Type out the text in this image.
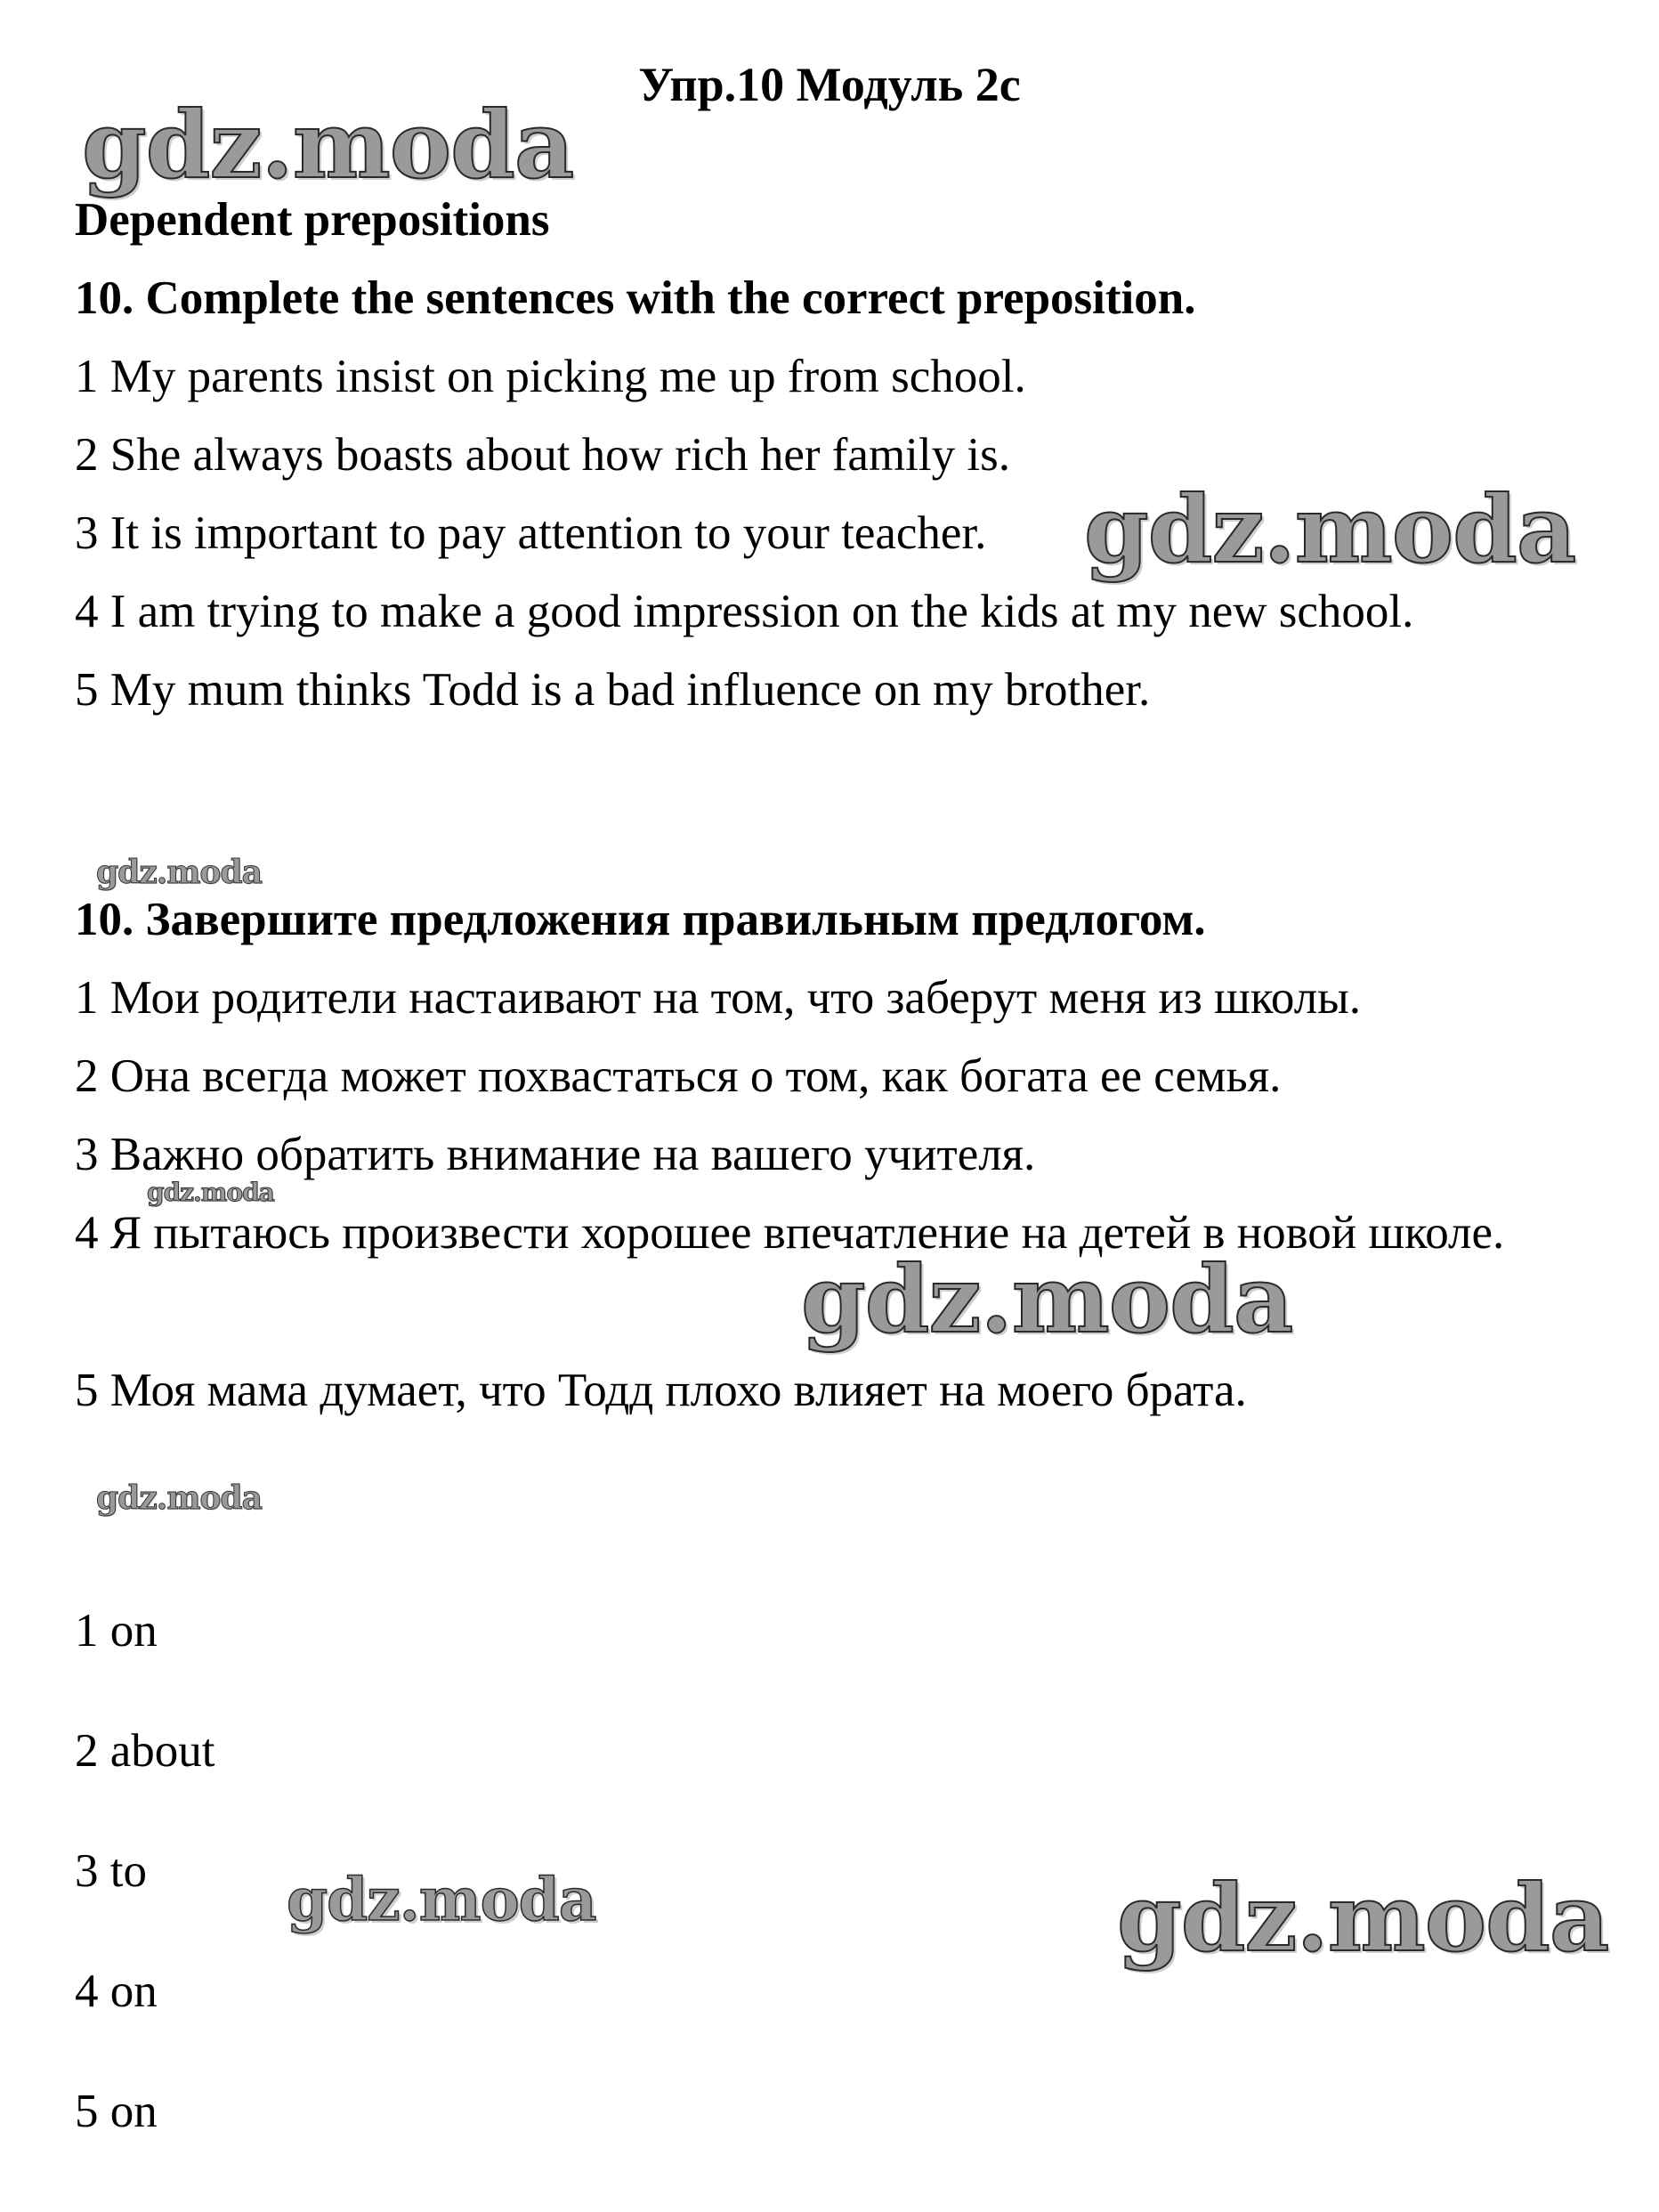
Упр.10 Модуль 2с
gdz.moda
gdz.moda
gdz.moda
gdz.moda
gdz.moda
gdz.moda
gdz.moda	gdz.moda
Dependent prepositions
10. Complete the sentences with the correct preposition.
1 My parents insist on picking me up from school.
2 She always boasts about how rich her family is.
3 It is important to pay attention to your teacher.
4 I am trying to make a good impression on the kids at my new school.
5 My mum thinks Todd is a bad influence on my brother.
10. Завершите предложения правильным предлогом.
1 Мои родители настаивают на том, что заберут меня из школы.
2 Она всегда может похвастаться о том, как богата ее семья.
3 Важно обратить внимание на вашего учителя.
4 Я пытаюсь произвести хорошее впечатление на детей в новой школе.
5 Моя мама думает, что Тодд плохо влияет на моего брата.
1 on
2 about
3 to
4 on
5 on
